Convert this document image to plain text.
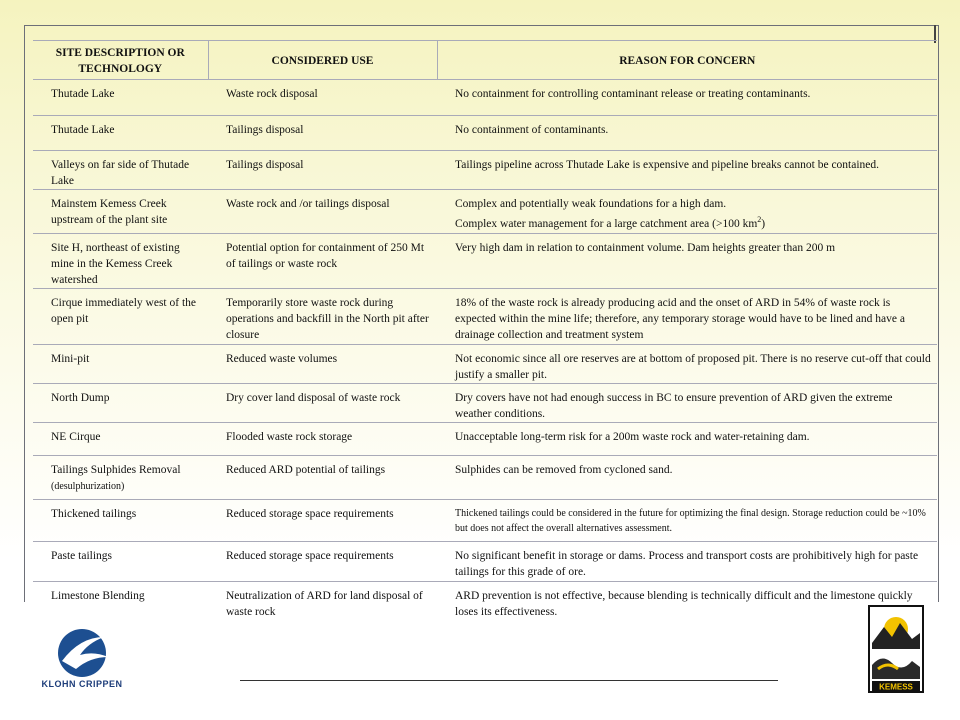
SITE DESCRIPTION OR TECHNOLOGY	CONSIDERED USE	REASON FOR CONCERN
Thutade Lake	Waste rock disposal	No containment for controlling contaminant release or treating contaminants.
Thutade Lake	Tailings disposal	No containment of contaminants.
Valleys on far side of Thutade Lake	Tailings disposal	Tailings pipeline across Thutade Lake is expensive and pipeline breaks cannot be contained.
Mainstem Kemess Creek upstream of the plant site	Waste rock and /or tailings disposal	Complex and potentially weak foundations for a high dam.
Complex water management for a large catchment area (>100 $km^2$)

Site H, northeast of existing mine in the Kemess Creek watershed	Potential option for containment of 250 Mt of tailings or waste rock	Very high dam in relation to containment volume. Dam heights greater than 200 m
Cirque immediately west of the open pit	Temporarily store waste rock during operations and backfill in the North pit after closure	18% of the waste rock is already producing acid and the onset of ARD in 54% of waste rock is expected within the mine life; therefore, any temporary storage would have to be lined and have a drainage collection and treatment system
Mini-pit	Reduced waste volumes	Not economic since all ore reserves are at bottom of proposed pit. There is no reserve cut-off that could justify a smaller pit.
North Dump	Dry cover land disposal of waste rock	Dry covers have not had enough success in BC to ensure prevention of ARD given the extreme weather conditions.
NE Cirque	Flooded waste rock storage	Unacceptable long-term risk for a 200m waste rock and water-retaining dam.
Tailings Sulphides Removal (desulphurization)	Reduced ARD potential of tailings	Sulphides can be removed from cycloned sand.
Thickened tailings	Reduced storage space requirements	Thickened tailings could be considered in the future for optimizing the final design. Storage reduction could be ~10% but does not affect the overall alternatives assessment.
Paste tailings	Reduced storage space requirements	No significant benefit in storage or dams. Process and transport costs are prohibitively high for paste tailings for this grade of ore.
Limestone Blending	Neutralization of ARD for land disposal of waste rock	ARD prevention is not effective, because blending is technically difficult and the limestone quickly loses its effectiveness.
KLOHN CRIPPEN	KEMESS
